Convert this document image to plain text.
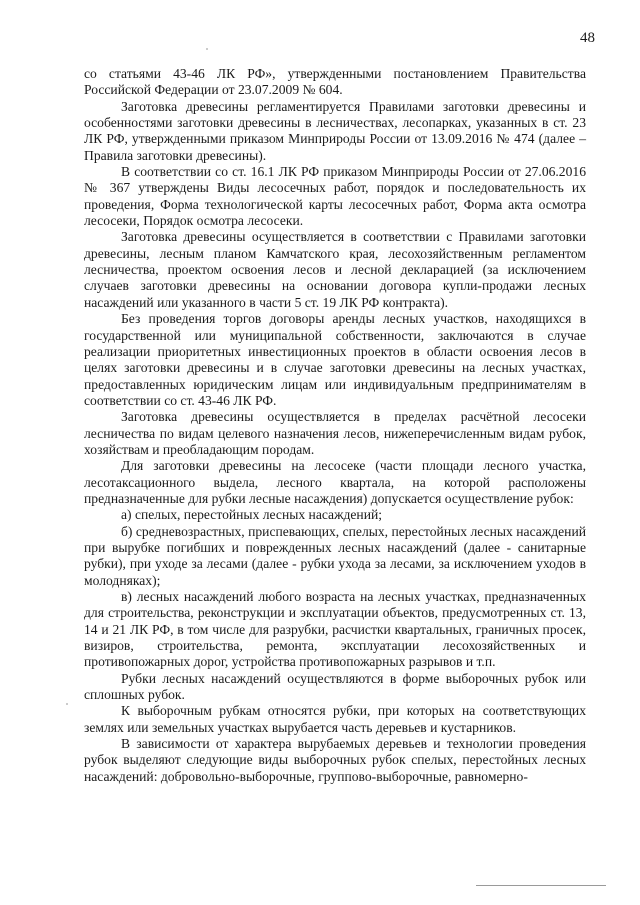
48

со статьями 43-46 ЛК РФ», утвержденными постановлением Правительства Российской Федерации от 23.07.2009 № 604.

Заготовка древесины регламентируется Правилами заготовки древесины и особенностями заготовки древесины в лесничествах, лесопарках, указанных в ст. 23 ЛК РФ, утвержденными приказом Минприроды России от 13.09.2016 № 474 (далее – Правила заготовки древесины).

В соответствии со ст. 16.1 ЛК РФ приказом Минприроды России от 27.06.2016 № 367 утверждены Виды лесосечных работ, порядок и последовательность их проведения, Форма технологической карты лесосечных работ, Форма акта осмотра лесосеки, Порядок осмотра лесосеки.

Заготовка древесины осуществляется в соответствии с Правилами заготовки древесины, лесным планом Камчатского края, лесохозяйственным регламентом лесничества, проектом освоения лесов и лесной декларацией (за исключением случаев заготовки древесины на основании договора купли-продажи лесных насаждений или указанного в части 5 ст. 19 ЛК РФ контракта).

Без проведения торгов договоры аренды лесных участков, находящихся в государственной или муниципальной собственности, заключаются в случае реализации приоритетных инвестиционных проектов в области освоения лесов в целях заготовки древесины и в случае заготовки древесины на лесных участках, предоставленных юридическим лицам или индивидуальным предпринимателям в соответствии со ст. 43-46 ЛК РФ.

Заготовка древесины осуществляется в пределах расчётной лесосеки лесничества по видам целевого назначения лесов, нижеперечисленным видам рубок, хозяйствам и преобладающим породам.

Для заготовки древесины на лесосеке (части площади лесного участка, лесотаксационного выдела, лесного квартала, на которой расположены предназначенные для рубки лесные насаждения) допускается осуществление рубок:

а) спелых, перестойных лесных насаждений;

б) средневозрастных, приспевающих, спелых, перестойных лесных насаждений при вырубке погибших и поврежденных лесных насаждений (далее - санитарные рубки), при уходе за лесами (далее - рубки ухода за лесами, за исключением уходов в молодняках);

в) лесных насаждений любого возраста на лесных участках, предназначенных для строительства, реконструкции и эксплуатации объектов, предусмотренных ст. 13, 14 и 21 ЛК РФ, в том числе для разрубки, расчистки квартальных, граничных просек, визиров, строительства, ремонта, эксплуатации лесохозяйственных и противопожарных дорог, устройства противопожарных разрывов и т.п.

Рубки лесных насаждений осуществляются в форме выборочных рубок или сплошных рубок.

К выборочным рубкам относятся рубки, при которых на соответствующих землях или земельных участках вырубается часть деревьев и кустарников.

В зависимости от характера вырубаемых деревьев и технологии проведения рубок выделяют следующие виды выборочных рубок спелых, перестойных лесных насаждений: добровольно-выборочные, группово-выборочные, равномерно-
